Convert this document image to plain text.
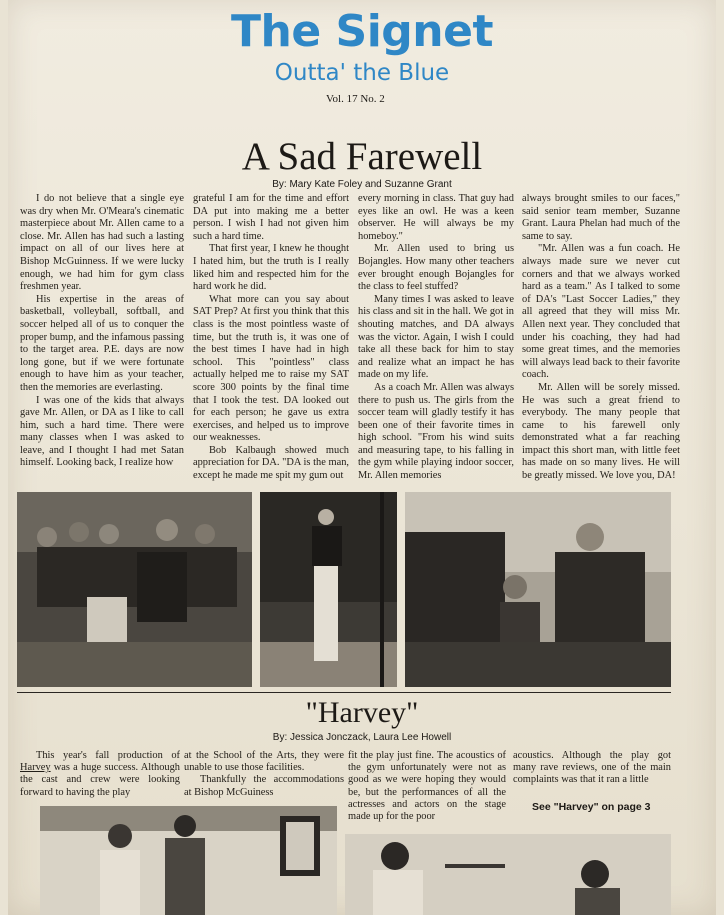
The Signet
Outta' the Blue
Vol. 17 No. 2
A Sad Farewell
By: Mary Kate Foley and Suzanne Grant

I do not believe that a single eye was dry when Mr. O'Meara's cinematic masterpiece about Mr. Allen came to a close. Mr. Allen has had such a lasting impact on all of our lives here at Bishop McGuinness. If we were lucky enough, we had him for gym class freshmen year.

His expertise in the areas of basketball, volleyball, softball, and soccer helped all of us to conquer the proper bump, and the infamous passing to the target area. P.E. days are now long gone, but if we were fortunate enough to have him as your teacher, then the memories are everlasting.

I was one of the kids that always gave Mr. Allen, or DA as I like to call him, such a hard time. There were many classes when I was asked to leave, and I thought I had met Satan himself. Looking back, I realize how

grateful I am for the time and effort DA put into making me a better person. I wish I had not given him such a hard time.

That first year, I knew he thought I hated him, but the truth is I really liked him and respected him for the hard work he did.

What more can you say about SAT Prep? At first you think that this class is the most pointless waste of time, but the truth is, it was one of the best times I have had in high school. This "pointless" class actually helped me to raise my SAT score 300 points by the final time that I took the test. DA looked out for each person; he gave us extra exercises, and helped us to improve our weaknesses.

Bob Kalbaugh showed much appreciation for DA. "DA is the man, except he made me spit my gum out

every morning in class. That guy had eyes like an owl. He was a keen observer. He will always be my homeboy."

Mr. Allen used to bring us Bojangles. How many other teachers ever brought enough Bojangles for the class to feel stuffed?

Many times I was asked to leave his class and sit in the hall. We got in shouting matches, and DA always was the victor. Again, I wish I could take all these back for him to stay and realize what an impact he has made on my life.

As a coach Mr. Allen was always there to push us. The girls from the soccer team will gladly testify it has been one of their favorite times in high school. "From his wind suits and measuring tape, to his falling in the gym while playing indoor soccer, Mr. Allen memories

always brought smiles to our faces," said senior team member, Suzanne Grant. Laura Phelan had much of the same to say.

"Mr. Allen was a fun coach. He always made sure we never cut corners and that we always worked hard as a team." As I talked to some of DA's "Last Soccer Ladies," they all agreed that they will miss Mr. Allen next year. They concluded that under his coaching, they had had some great times, and the memories will always lead back to their favorite coach.

Mr. Allen will be sorely missed. He was such a great friend to everybody. The many people that came to his farewell only demonstrated what a far reaching impact this short man, with little feet has made on so many lives. He will be greatly missed. We love you, DA!

"Harvey"
By: Jessica Jonczack, Laura Lee Howell

This year's fall production of Harvey was a huge success. Although the cast and crew were looking forward to having the play

at the School of the Arts, they were unable to use those facilities.

Thankfully the accommodations at Bishop McGuiness

fit the play just fine. The acoustics of the gym unfortunately were not as good as we were hoping they would be, but the performances of all the actresses and actors on the stage made up for the poor

acoustics. Although the play got many rave reviews, one of the main complaints was that it ran a little

See "Harvey" on page 3
